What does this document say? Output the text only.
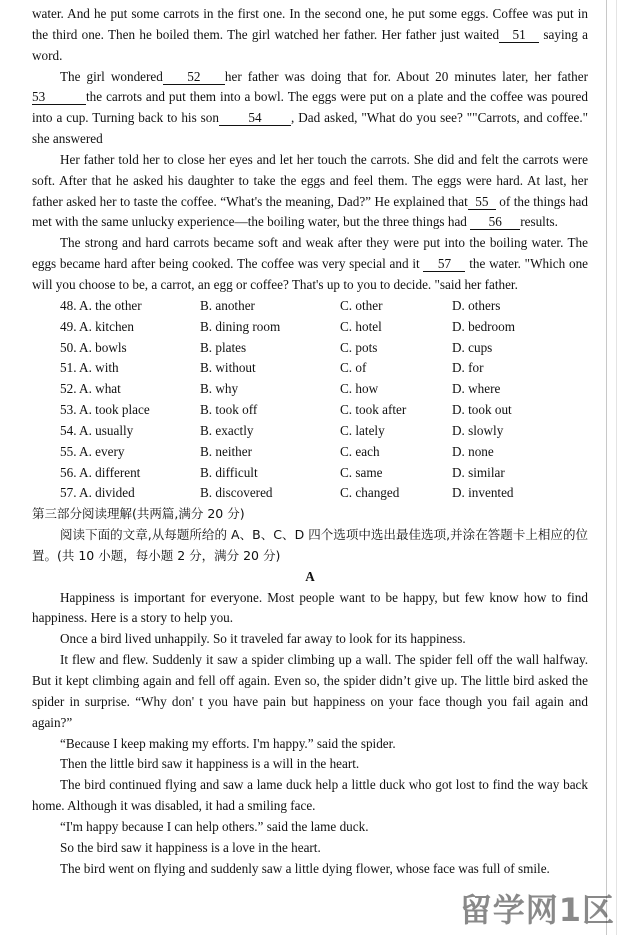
water. And he put some carrots in the first one. In the second one, he put some eggs. Coffee was put in the third one. Then he boiled them. The girl watched her father. Her father just waited 51 saying a word.

The girl wondered 52 her father was doing that for. About 20 minutes later, her father 53	the carrots and put them into a bowl. The eggs were put on a plate and the coffee was poured into a cup. Turning back to his son 54 , Dad asked, "What do you see? ""Carrots, and coffee." she answered

Her father told her to close her eyes and let her touch the carrots. She did and felt the carrots were soft. After that he asked his daughter to take the eggs and feel them. The eggs were hard. At last, her father asked her to taste the coffee. “What's the meaning, Dad?” He explained that 55 of the things had met with the same unlucky experience—the boiling water, but the three things had 56 results.

The strong and hard carrots became soft and weak after they were put into the boiling water. The eggs became hard after being cooked. The coffee was very special and it 57 the water. "Which one will you choose to be, a carrot, an egg or coffee? That's up to you to decide. "said her father.

48. A. the other	B. another	C. other	D. others
49. A. kitchen	B. dining room	C. hotel	D. bedroom
50. A. bowls	B. plates	C. pots	D. cups
51. A. with	B. without	C. of	D. for
52. A. what	B. why	C. how	D. where
53. A. took place	B. took off	C. took after	D. took out
54. A. usually	B. exactly	C. lately	D. slowly
55. A. every	B. neither	C. each	D. none
56. A. different	B. difficult	C. same	D. similar
57. A. divided	B. discovered	C. changed	D. invented

第三部分阅读理解(共两篇,满分 20 分)

阅读下面的文章,从每题所给的 A、B、C、D 四个选项中选出最佳选项,并涂在答题卡上相应的位置。(共 10 小题，每小题 2 分，满分 20 分)

A

Happiness is important for everyone. Most people want to be happy, but few know how to find happiness. Here is a story to help you.

Once a bird lived unhappily. So it traveled far away to look for its happiness.

It flew and flew. Suddenly it saw a spider climbing up a wall. The spider fell off the wall halfway. But it kept climbing again and fell off again. Even so, the spider didn’t give up. The little bird asked the spider in surprise. “Why don' t you have pain but happiness on your face though you fail again and again?”

“Because I keep making my efforts. I'm happy.” said the spider.

Then the little bird saw it happiness is a will in the heart.

The bird continued flying and saw a lame duck help a little duck who got lost to find the way back home. Although it was disabled, it had a smiling face.

“I'm happy because I can help others.” said the lame duck.

So the bird saw it happiness is a love in the heart.

The bird went on flying and suddenly saw a little dying flower, whose face was full of smile.

留学网1区
